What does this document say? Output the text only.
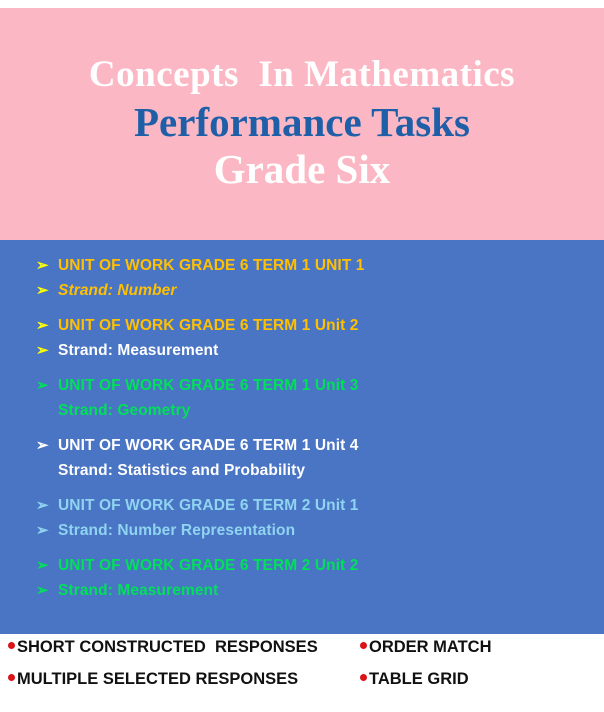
Concepts  In Mathematics
Performance Tasks
Grade Six
➢ UNIT OF WORK GRADE 6 TERM 1 UNIT 1
➢ Strand: Number
➢ UNIT OF WORK GRADE 6 TERM 1 Unit 2
➢ Strand: Measurement
➢ UNIT OF WORK GRADE 6 TERM 1 Unit 3
Strand: Geometry
➢ UNIT OF WORK GRADE 6 TERM 1 Unit 4
Strand: Statistics and Probability
➢ UNIT OF WORK GRADE 6 TERM 2 Unit 1
➢ Strand: Number Representation
➢ UNIT OF WORK GRADE 6 TERM 2 Unit 2
➢ Strand: Measurement
SHORT CONSTRUCTED  RESPONSES	ORDER MATCH
MULTIPLE SELECTED RESPONSES	TABLE GRID
